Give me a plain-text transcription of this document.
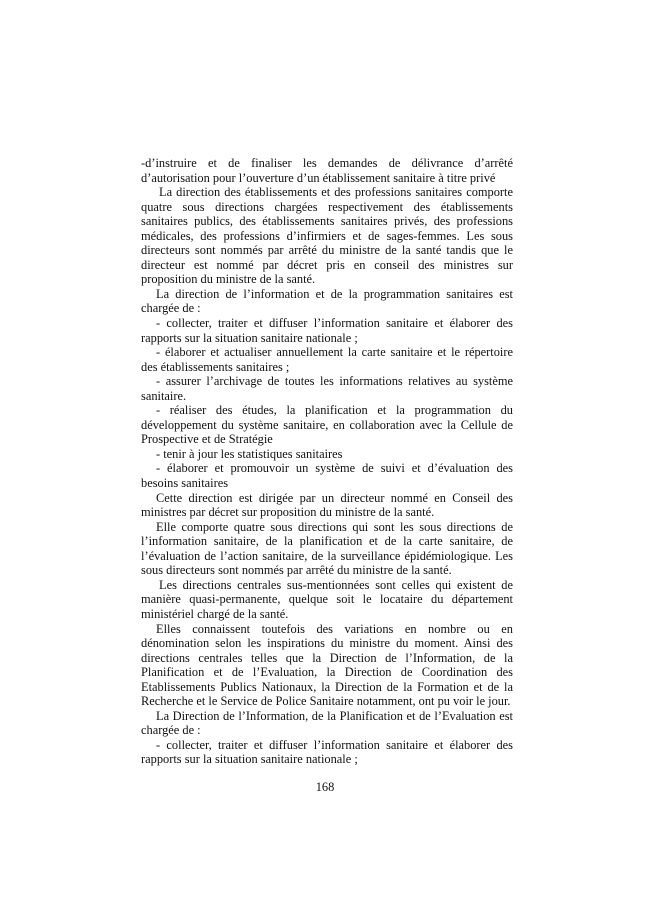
-d’instruire et de finaliser les demandes de délivrance d’arrêté d’autorisation pour l’ouverture d’un établissement sanitaire à titre privé

La direction des établissements et des professions sanitaires comporte quatre sous directions chargées respectivement des établissements sanitaires publics, des établissements sanitaires privés, des professions médicales, des professions d’infirmiers et de sages-femmes. Les sous directeurs sont nommés par arrêté du ministre de la santé tandis que le directeur est nommé par décret pris en conseil des ministres sur proposition du ministre de la santé.

La direction de l’information et de la programmation sanitaires est chargée de :

- collecter, traiter et diffuser l’information sanitaire et élaborer des rapports sur la situation sanitaire nationale ;

- élaborer et actualiser annuellement la carte sanitaire et le répertoire des établissements sanitaires ;

- assurer l’archivage de toutes les informations relatives au système sanitaire.

- réaliser des études, la planification et la programmation du développement du système sanitaire, en collaboration avec la Cellule de Prospective et de Stratégie

- tenir à jour les statistiques sanitaires

- élaborer et promouvoir un système de suivi et d’évaluation des besoins sanitaires

Cette direction est dirigée par un directeur nommé en Conseil des ministres par décret sur proposition du ministre de la santé.

Elle comporte quatre sous directions qui sont les sous directions de l’information sanitaire, de la planification et de la carte sanitaire, de l’évaluation de l’action sanitaire, de la surveillance épidémiologique. Les sous directeurs sont nommés par arrêté du ministre de la santé.

Les directions centrales sus-mentionnées sont celles qui existent de manière quasi-permanente, quelque soit le locataire du département ministériel chargé de la santé.

Elles connaissent toutefois des variations en nombre ou en dénomination selon les inspirations du ministre du moment. Ainsi des directions centrales telles que la Direction de l’Information, de la Planification et de l’Evaluation, la Direction de Coordination des Etablissements Publics Nationaux, la Direction de la Formation et de la Recherche et le Service de Police Sanitaire notamment, ont pu voir le jour.

La Direction de l’Information, de la Planification et de l’Evaluation est chargée de :

- collecter, traiter et diffuser l’information sanitaire et élaborer des rapports sur la situation sanitaire nationale ;

168
